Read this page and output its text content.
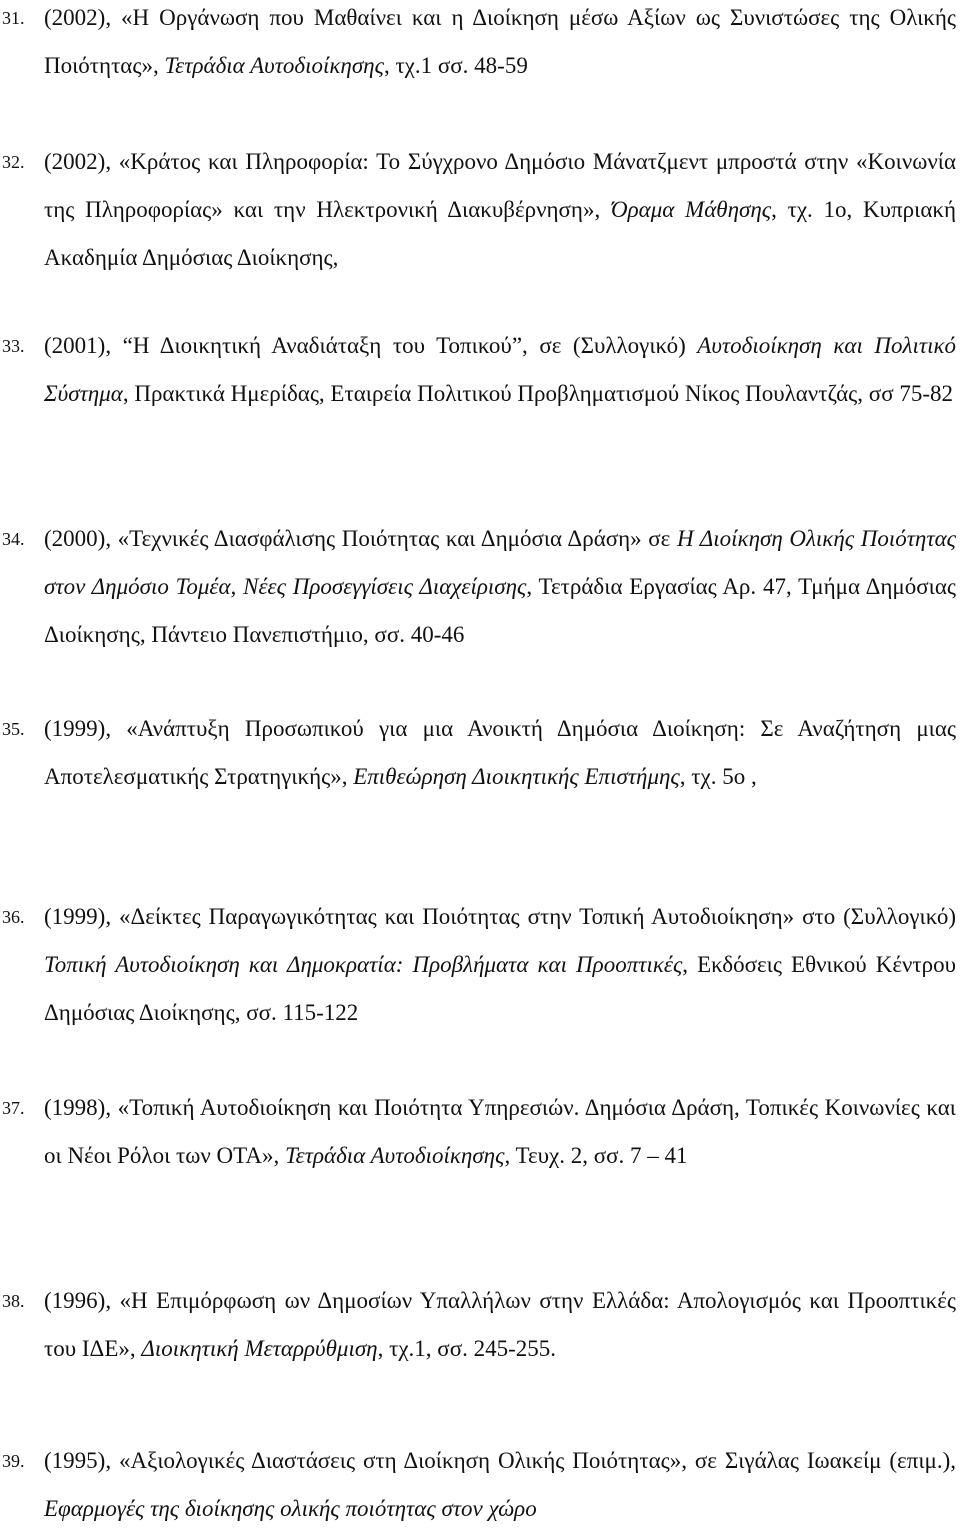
31. (2002), «Η Οργάνωση που Μαθαίνει και η Διοίκηση μέσω Αξίων ως Συνιστώσες της Ολικής Ποιότητας», Τετράδια Αυτοδιοίκησης, τχ.1 σσ. 48-59

32. (2002), «Κράτος και Πληροφορία: Το Σύγχρονο Δημόσιο Μάνατζμεντ μπροστά στην «Κοινωνία της Πληροφορίας» και την Ηλεκτρονική Διακυβέρνηση», Όραμα Μάθησης, τχ. 1ο, Κυπριακή Ακαδημία Δημόσιας Διοίκησης,

33. (2001), “Η Διοικητική Αναδιάταξη του Τοπικού”, σε (Συλλογικό) Αυτοδιοίκηση και Πολιτικό Σύστημα, Πρακτικά Ημερίδας, Εταιρεία Πολιτικού Προβληματισμού Νίκος Πουλαντζάς, σσ 75-82

34. (2000), «Τεχνικές Διασφάλισης Ποιότητας και Δημόσια Δράση» σε Η Διοίκηση Ολικής Ποιότητας στον Δημόσιο Τομέα, Νέες Προσεγγίσεις Διαχείρισης, Τετράδια Εργασίας Αρ. 47, Τμήμα Δημόσιας Διοίκησης, Πάντειο Πανεπιστήμιο, σσ. 40-46

35. (1999), «Ανάπτυξη Προσωπικού για μια Ανοικτή Δημόσια Διοίκηση: Σε Αναζήτηση μιας Αποτελεσματικής Στρατηγικής», Επιθεώρηση Διοικητικής Επιστήμης, τχ. 5ο ,

36. (1999), «Δείκτες Παραγωγικότητας και Ποιότητας στην Τοπική Αυτοδιοίκηση» στο (Συλλογικό) Τοπική Αυτοδιοίκηση και Δημοκρατία: Προβλήματα και Προοπτικές, Εκδόσεις Εθνικού Κέντρου Δημόσιας Διοίκησης, σσ. 115-122

37. (1998), «Τοπική Αυτοδιοίκηση και Ποιότητα Υπηρεσιών. Δημόσια Δράση, Τοπικές Κοινωνίες και οι Νέοι Ρόλοι των ΟΤΑ», Τετράδια Αυτοδιοίκησης, Τευχ. 2, σσ. 7 – 41

38. (1996), «Η Επιμόρφωση ων Δημοσίων Υπαλλήλων στην Ελλάδα: Απολογισμός και Προοπτικές του ΙΔΕ», Διοικητική Μεταρρύθμιση, τχ.1, σσ. 245-255.

39. (1995), «Αξιολογικές Διαστάσεις στη Διοίκηση Ολικής Ποιότητας», σε Σιγάλας Ιωακείμ (επιμ.), Εφαρμογές της διοίκησης ολικής ποιότητας στον χώρο
